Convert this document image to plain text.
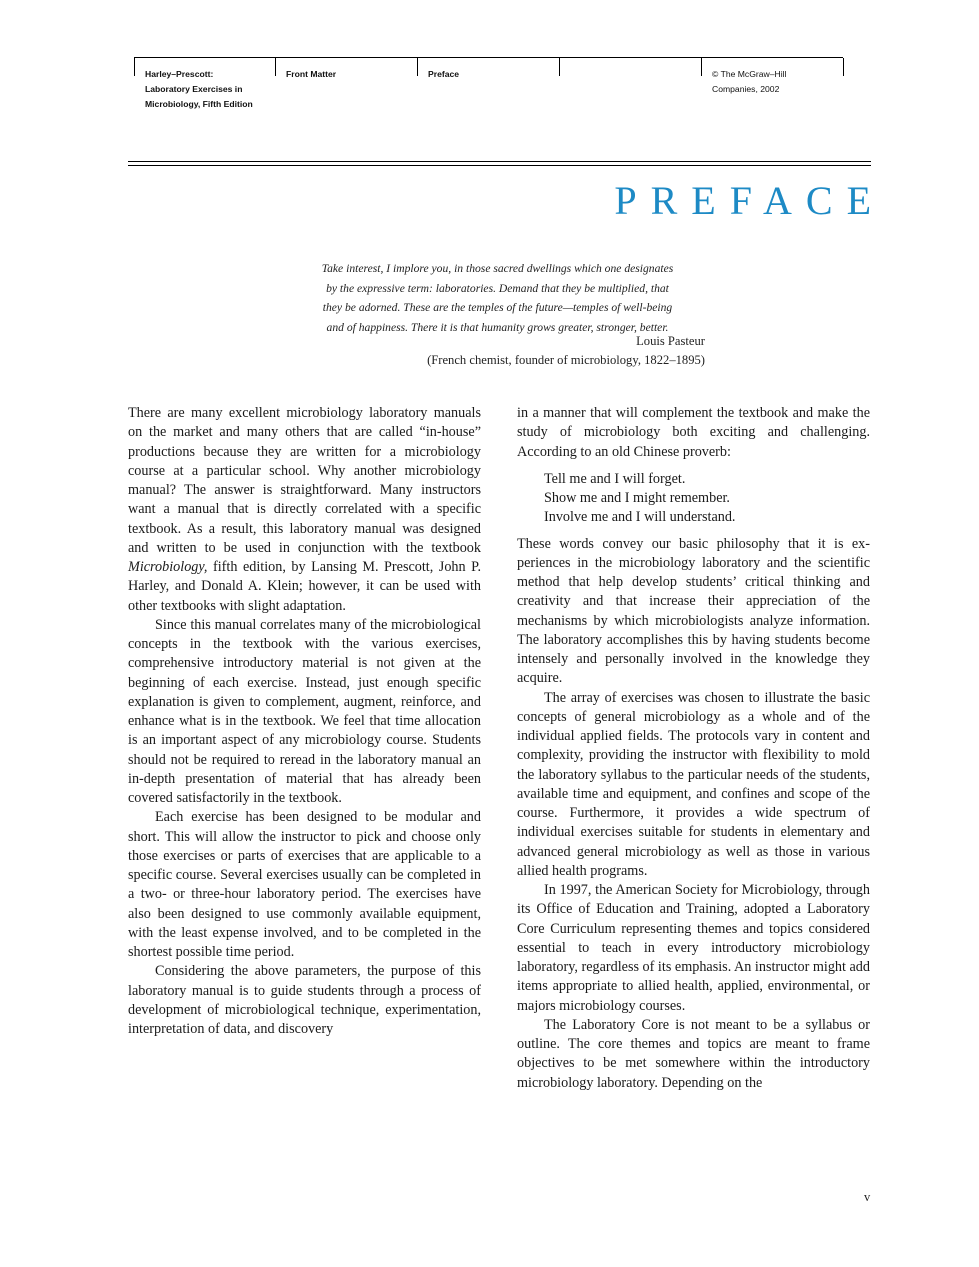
Harley–Prescott:
Laboratory Exercises in
Microbiology, Fifth Edition
Front Matter	Preface	© The McGraw–Hill
Companies, 2002
PREFACE
Take interest, I implore you, in those sacred dwellings which one designates
by the expressive term: laboratories. Demand that they be multiplied, that
they be adorned. These are the temples of the future—temples of well-being
and of happiness. There it is that humanity grows greater, stronger, better.
Louis Pasteur
(French chemist, founder of microbiology, 1822–1895)

There are many excellent microbiology laboratory manuals on the market and many others that are called “in-house” productions because they are written for a microbiology course at a particular school. Why another microbiology manual? The answer is straightforward. Many instructors want a manual that is directly correlated with a specific textbook. As a result, this laboratory manual was designed and written to be used in conjunction with the textbook Microbiology, fifth edition, by Lansing M. Prescott, John P. Harley, and Donald A. Klein; however, it can be used with other textbooks with slight adaptation.

Since this manual correlates many of the microbiological concepts in the textbook with the various exercises, comprehensive introductory material is not given at the beginning of each exercise. Instead, just enough specific explanation is given to complement, augment, reinforce, and enhance what is in the textbook. We feel that time allocation is an important aspect of any microbiology course. Students should not be required to reread in the laboratory manual an in-depth presentation of material that has already been covered satisfactorily in the textbook.

Each exercise has been designed to be modular and short. This will allow the instructor to pick and choose only those exercises or parts of exercises that are applicable to a specific course. Several exercises usually can be completed in a two- or three-hour laboratory period. The exercises have also been designed to use commonly available equipment, with the least expense involved, and to be completed in the shortest possible time period.

Considering the above parameters, the purpose of this laboratory manual is to guide students through a process of development of microbiological technique, experimentation, interpretation of data, and discovery

in a manner that will complement the textbook and make the study of microbiology both exciting and challenging. According to an old Chinese proverb:

Tell me and I will forget.
Show me and I might remember.
Involve me and I will understand.

These words convey our basic philosophy that it is experiences in the microbiology laboratory and the scientific method that help develop students’ critical thinking and creativity and that increase their appreciation of the mechanisms by which microbiologists analyze information. The laboratory accomplishes this by having students become intensely and personally involved in the knowledge they acquire.

The array of exercises was chosen to illustrate the basic concepts of general microbiology as a whole and of the individual applied fields. The protocols vary in content and complexity, providing the instructor with flexibility to mold the laboratory syllabus to the particular needs of the students, available time and equipment, and confines and scope of the course. Furthermore, it provides a wide spectrum of individual exercises suitable for students in elementary and advanced general microbiology as well as those in various allied health programs.

In 1997, the American Society for Microbiology, through its Office of Education and Training, adopted a Laboratory Core Curriculum representing themes and topics considered essential to teach in every introductory microbiology laboratory, regardless of its emphasis. An instructor might add items appropriate to allied health, applied, environmental, or majors microbiology courses.

The Laboratory Core is not meant to be a syllabus or outline. The core themes and topics are meant to frame objectives to be met somewhere within the introductory microbiology laboratory. Depending on the

v
